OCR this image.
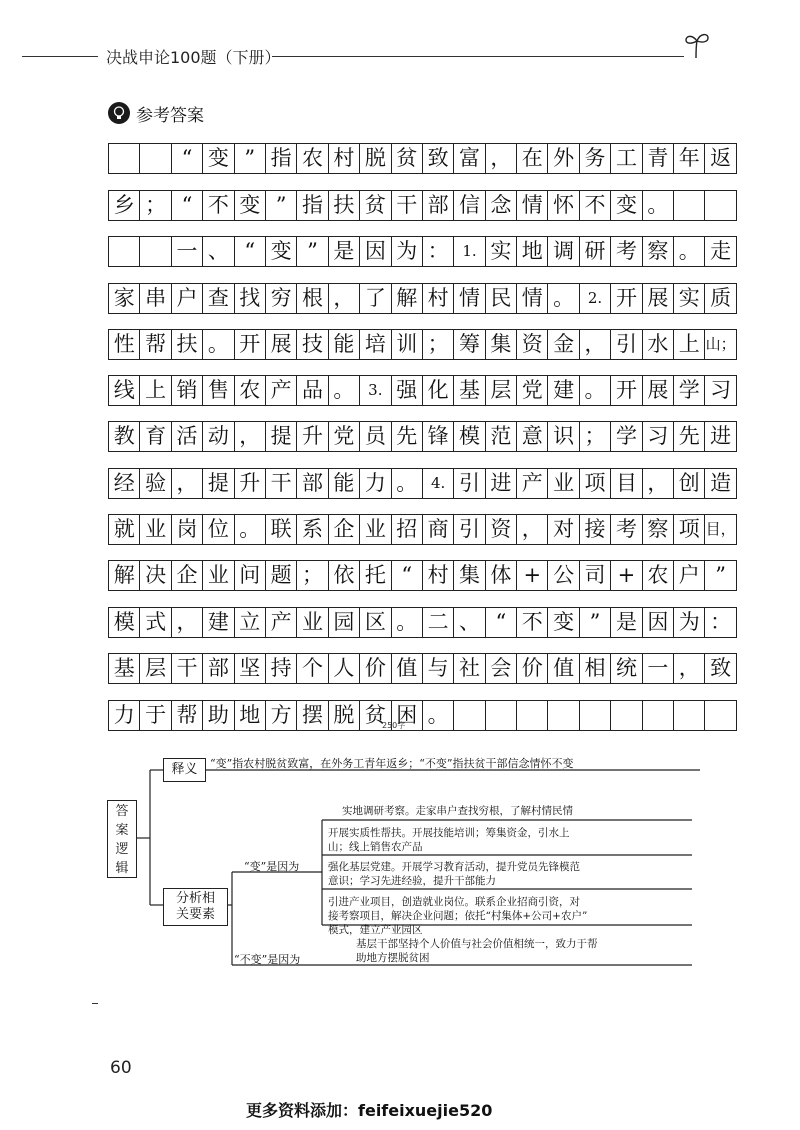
决战申论100题（下册）
参考答案
“ 变 ” 指 农 村 脱 贫 致 富 ， 在 外 务 工 青 年 返
乡 ； “ 不 变 ” 指 扶 贫 干 部 信 念 情 怀 不 变 。
一 、 “ 变 ” 是 因 为 ： 1. 实 地 调 研 考 察 。 走
家 串 户 查 找 穷 根 ， 了 解 村 情 民 情 。 2. 开 展 实 质
性 帮 扶 。 开 展 技 能 培 训 ； 筹 集 资 金 ， 引 水 上 山；
线 上 销 售 农 产 品 。 3. 强 化 基 层 党 建 。 开 展 学 习
教 育 活 动 ， 提 升 党 员 先 锋 模 范 意 识 ； 学 习 先 进
经 验 ， 提 升 干 部 能 力 。 4. 引 进 产 业 项 目 ， 创 造
就 业 岗 位 。 联 系 企 业 招 商 引 资 ， 对 接 考 察 项 目，
解 决 企 业 问 题 ； 依 托 “ 村 集 体 + 公 司 + 农 户 ”
模 式 ， 建 立 产 业 园 区 。 二 、 “ 不 变 ” 是 因 为 ：
基 层 干 部 坚 持 个 人 价 值 与 社 会 价 值 相 统 一 ， 致
力 于 帮 助 地 方 摆 脱 贫 困 。
250字
答
案
逻
辑
释义 “变”指农村脱贫致富，在外务工青年返乡；“不变”指扶贫干部信念情怀不变
分析相
关要素
“变”是因为
“不变”是因为
实地调研考察。走家串户查找穷根，了解村情民情
开展实质性帮扶。开展技能培训；筹集资金，引水上
山；线上销售农产品
强化基层党建。开展学习教育活动，提升党员先锋模范
意识；学习先进经验，提升干部能力
引进产业项目，创造就业岗位。联系企业招商引资，对
接考察项目，解决企业问题；依托“村集体+公司+农户”
模式，建立产业园区
基层干部坚持个人价值与社会价值相统一，致力于帮
助地方摆脱贫困
60
更多资料添加：feifeixuejie520
